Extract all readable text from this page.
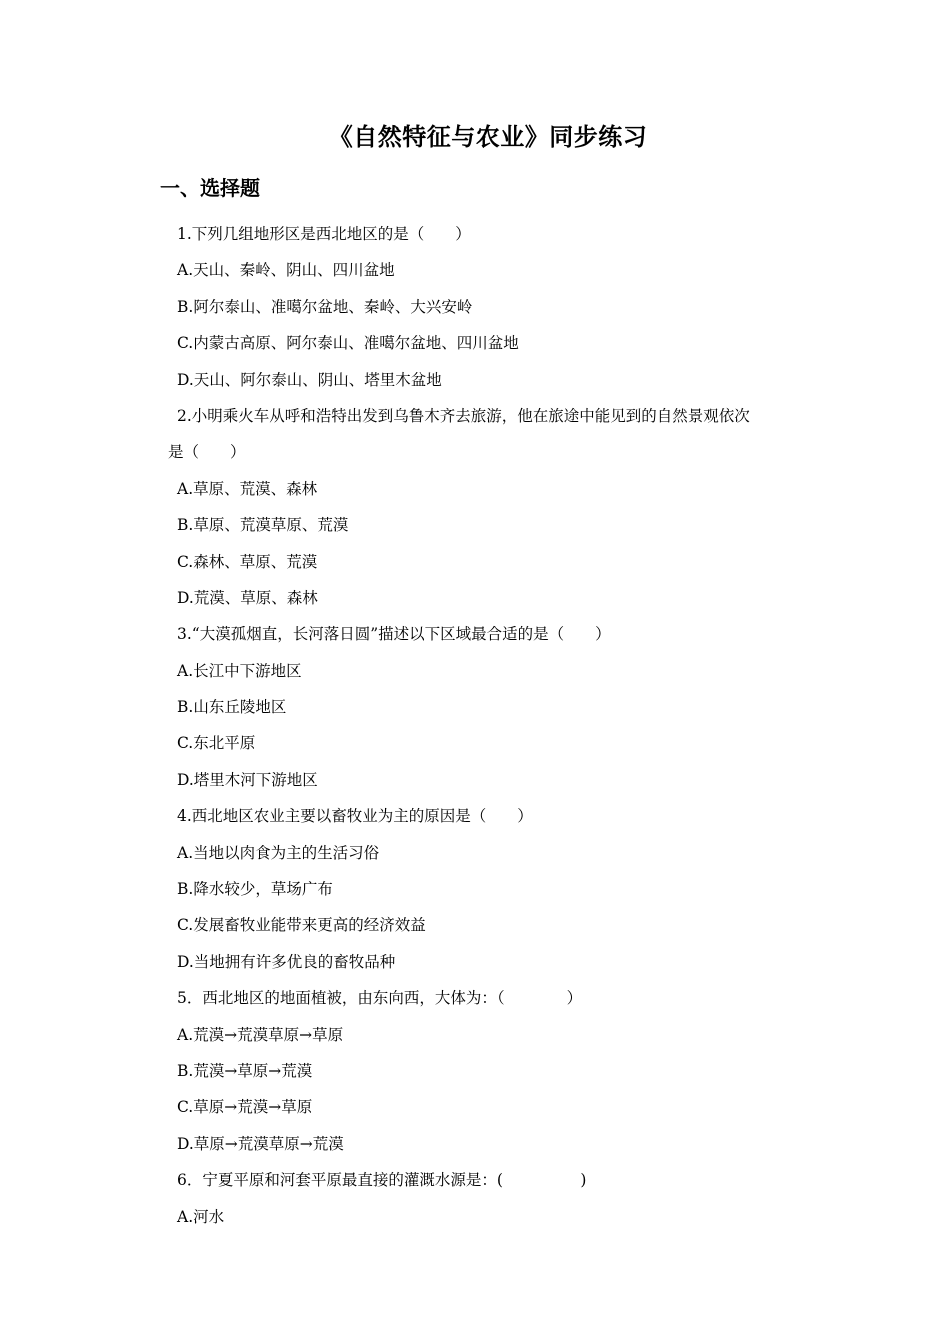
《自然特征与农业》同步练习
一、选择题
1.下列几组地形区是西北地区的是（　　）
A.天山、秦岭、阴山、四川盆地
B.阿尔泰山、准噶尔盆地、秦岭、大兴安岭
C.内蒙古高原、阿尔泰山、准噶尔盆地、四川盆地
D.天山、阿尔泰山、阴山、塔里木盆地
2.小明乘火车从呼和浩特出发到乌鲁木齐去旅游，他在旅途中能见到的自然景观依次
是（　　）
A.草原、荒漠、森林
B.草原、荒漠草原、荒漠
C.森林、草原、荒漠
D.荒漠、草原、森林
3.“大漠孤烟直，长河落日圆”描述以下区域最合适的是（　　）
A.长江中下游地区
B.山东丘陵地区
C.东北平原
D.塔里木河下游地区
4.西北地区农业主要以畜牧业为主的原因是（　　）
A.当地以肉食为主的生活习俗
B.降水较少，草场广布
C.发展畜牧业能带来更高的经济效益
D.当地拥有许多优良的畜牧品种
5．西北地区的地面植被，由东向西，大体为：（　　　　）
A.荒漠→荒漠草原→草原
B.荒漠→草原→荒漠
C.草原→荒漠→草原
D.草原→荒漠草原→荒漠
6．宁夏平原和河套平原最直接的灌溉水源是：(　　　　　)
A.河水
